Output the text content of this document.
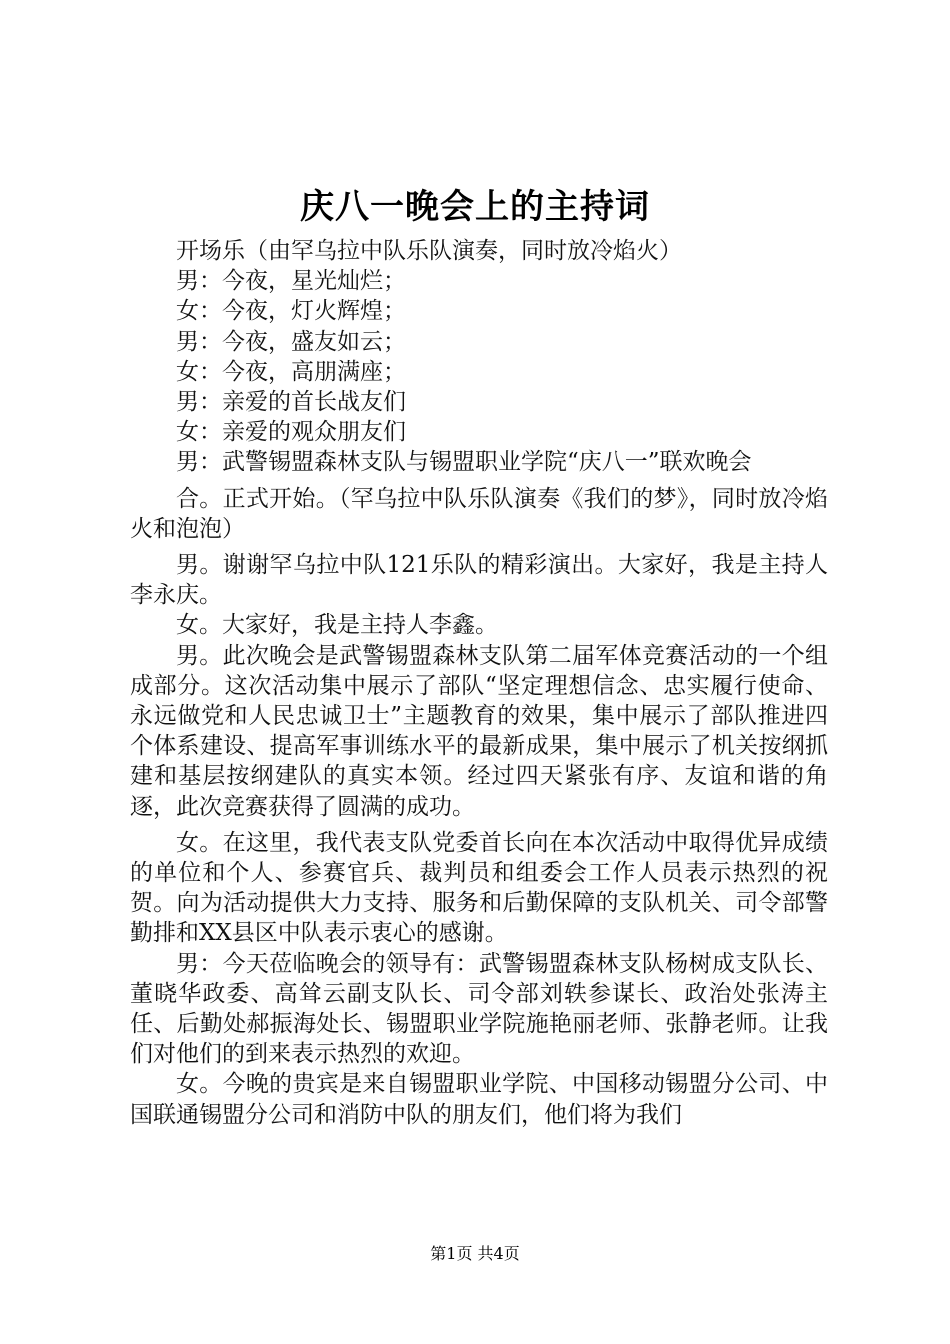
庆八一晚会上的主持词

开场乐（由罕乌拉中队乐队演奏，同时放冷焰火）

男：今夜，星光灿烂；

女：今夜，灯火辉煌；

男：今夜，盛友如云；

女：今夜，高朋满座；

男：亲爱的首长战友们

女：亲爱的观众朋友们

男：武警锡盟森林支队与锡盟职业学院“庆八一”联欢晚会

合。正式开始。（罕乌拉中队乐队演奏《我们的梦》，同时放冷焰火和泡泡）

男。谢谢罕乌拉中队121乐队的精彩演出。大家好，我是主持人李永庆。

女。大家好，我是主持人李鑫。

男。此次晚会是武警锡盟森林支队第二届军体竞赛活动的一个组成部分。这次活动集中展示了部队“坚定理想信念、忠实履行使命、永远做党和人民忠诚卫士”主题教育的效果，集中展示了部队推进四个体系建设、提高军事训练水平的最新成果，集中展示了机关按纲抓建和基层按纲建队的真实本领。经过四天紧张有序、友谊和谐的角逐，此次竞赛获得了圆满的成功。

女。在这里，我代表支队党委首长向在本次活动中取得优异成绩的单位和个人、参赛官兵、裁判员和组委会工作人员表示热烈的祝贺。向为活动提供大力支持、服务和后勤保障的支队机关、司令部警勤排和XX县区中队表示衷心的感谢。

男：今天莅临晚会的领导有：武警锡盟森林支队杨树成支队长、董晓华政委、高耸云副支队长、司令部刘轶参谋长、政治处张涛主任、后勤处郝振海处长、锡盟职业学院施艳丽老师、张静老师。让我们对他们的到来表示热烈的欢迎。

女。今晚的贵宾是来自锡盟职业学院、中国移动锡盟分公司、中国联通锡盟分公司和消防中队的朋友们，他们将为我们

第1页 共4页
